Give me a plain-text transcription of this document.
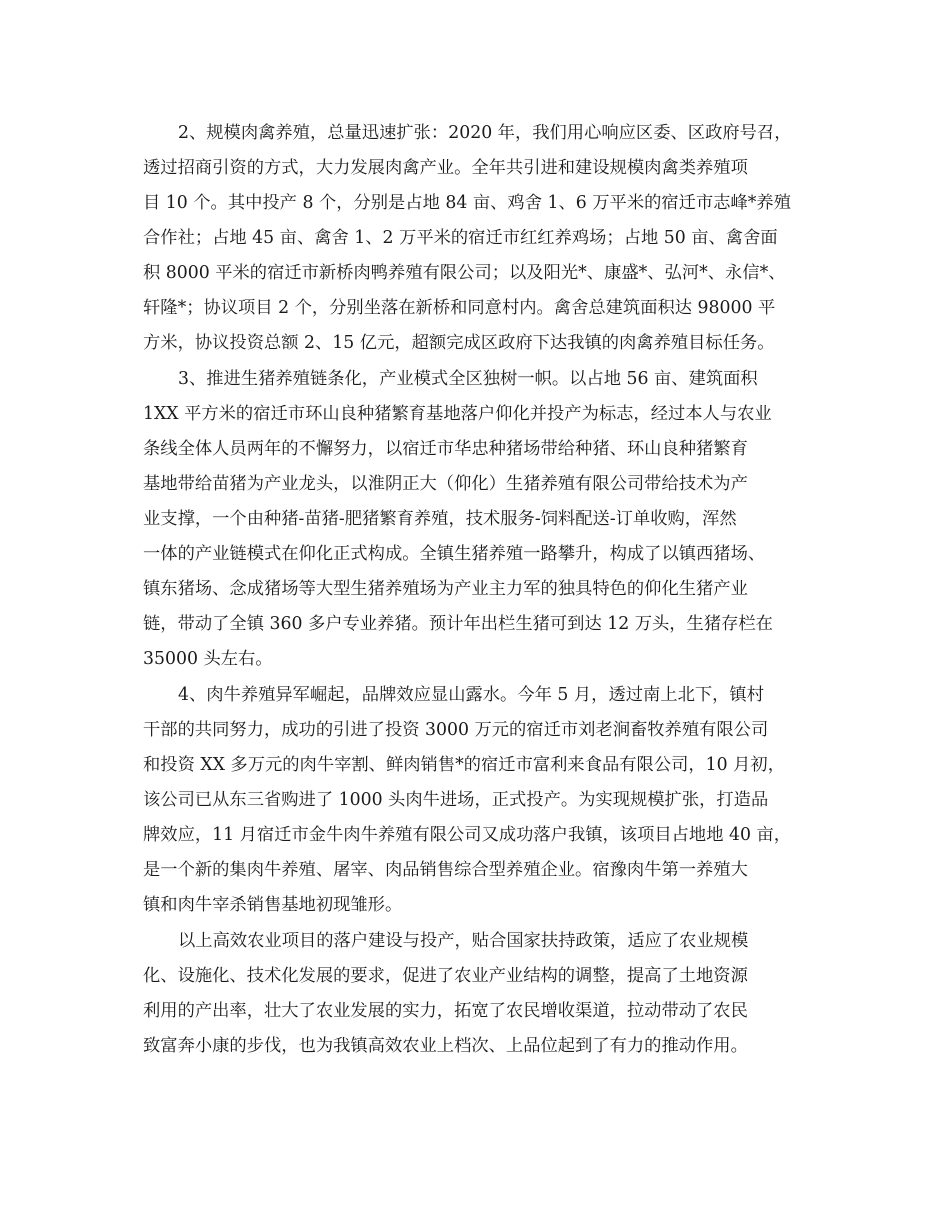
2、规模肉禽养殖，总量迅速扩张：2020 年，我们用心响应区委、区政府号召，
透过招商引资的方式，大力发展肉禽产业。全年共引进和建设规模肉禽类养殖项
目 10 个。其中投产 8 个，分别是占地 84 亩、鸡舍 1、6 万平米的宿迁市志峰*养殖
合作社；占地 45 亩、禽舍 1、2 万平米的宿迁市红红养鸡场；占地 50 亩、禽舍面
积 8000 平米的宿迁市新桥肉鸭养殖有限公司；以及阳光*、康盛*、弘河*、永信*、
轩隆*；协议项目 2 个，分别坐落在新桥和同意村内。禽舍总建筑面积达 98000 平
方米，协议投资总额 2、15 亿元，超额完成区政府下达我镇的肉禽养殖目标任务。
3、推进生猪养殖链条化，产业模式全区独树一帜。以占地 56 亩、建筑面积
1XX 平方米的宿迁市环山良种猪繁育基地落户仰化并投产为标志，经过本人与农业
条线全体人员两年的不懈努力，以宿迁市华忠种猪场带给种猪、环山良种猪繁育
基地带给苗猪为产业龙头，以淮阴正大（仰化）生猪养殖有限公司带给技术为产
业支撑，一个由种猪-苗猪-肥猪繁育养殖，技术服务-饲料配送-订单收购，浑然
一体的产业链模式在仰化正式构成。全镇生猪养殖一路攀升，构成了以镇西猪场、
镇东猪场、念成猪场等大型生猪养殖场为产业主力军的独具特色的仰化生猪产业
链，带动了全镇 360 多户专业养猪。预计年出栏生猪可到达 12 万头，生猪存栏在
35000 头左右。
4、肉牛养殖异军崛起，品牌效应显山露水。今年 5 月，透过南上北下，镇村
干部的共同努力，成功的引进了投资 3000 万元的宿迁市刘老涧畜牧养殖有限公司
和投资 XX 多万元的肉牛宰割、鲜肉销售*的宿迁市富利来食品有限公司，10 月初，
该公司已从东三省购进了 1000 头肉牛进场，正式投产。为实现规模扩张，打造品
牌效应，11 月宿迁市金牛肉牛养殖有限公司又成功落户我镇，该项目占地地 40 亩，
是一个新的集肉牛养殖、屠宰、肉品销售综合型养殖企业。宿豫肉牛第一养殖大
镇和肉牛宰杀销售基地初现雏形。
以上高效农业项目的落户建设与投产，贴合国家扶持政策，适应了农业规模
化、设施化、技术化发展的要求，促进了农业产业结构的调整，提高了土地资源
利用的产出率，壮大了农业发展的实力，拓宽了农民增收渠道，拉动带动了农民
致富奔小康的步伐，也为我镇高效农业上档次、上品位起到了有力的推动作用。
